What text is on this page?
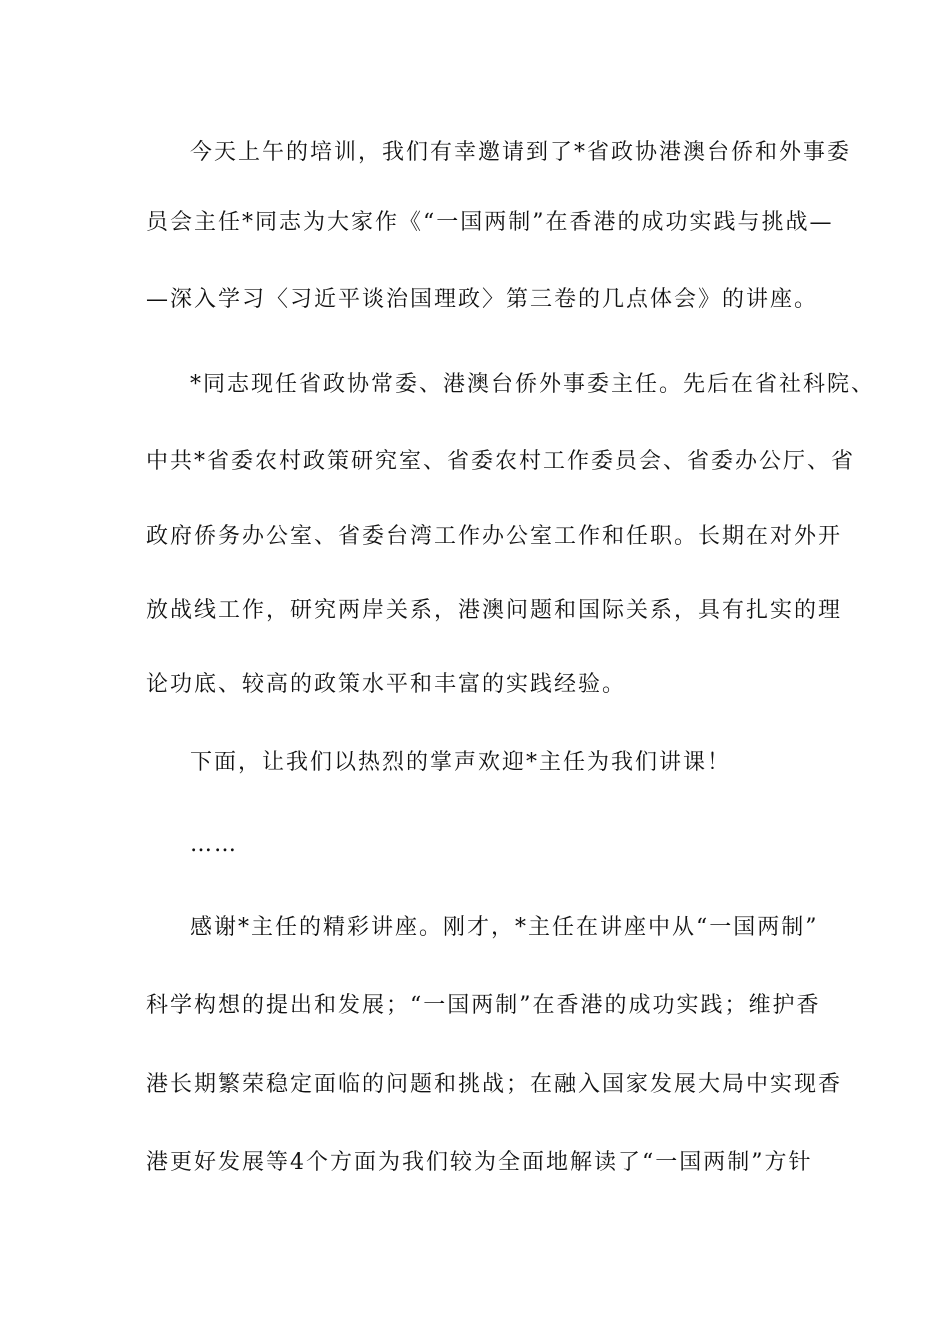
今天上午的培训，我们有幸邀请到了*省政协港澳台侨和外事委
员会主任*同志为大家作《“一国两制”在香港的成功实践与挑战—
—深入学习〈习近平谈治国理政〉第三卷的几点体会》的讲座。
*同志现任省政协常委、港澳台侨外事委主任。先后在省社科院、
中共*省委农村政策研究室、省委农村工作委员会、省委办公厅、省
政府侨务办公室、省委台湾工作办公室工作和任职。长期在对外开
放战线工作，研究两岸关系，港澳问题和国际关系，具有扎实的理
论功底、较高的政策水平和丰富的实践经验。
下面，让我们以热烈的掌声欢迎*主任为我们讲课！
……
感谢*主任的精彩讲座。刚才，*主任在讲座中从“一国两制”
科学构想的提出和发展；“一国两制”在香港的成功实践；维护香
港长期繁荣稳定面临的问题和挑战；在融入国家发展大局中实现香
港更好发展等4个方面为我们较为全面地解读了“一国两制”方针
